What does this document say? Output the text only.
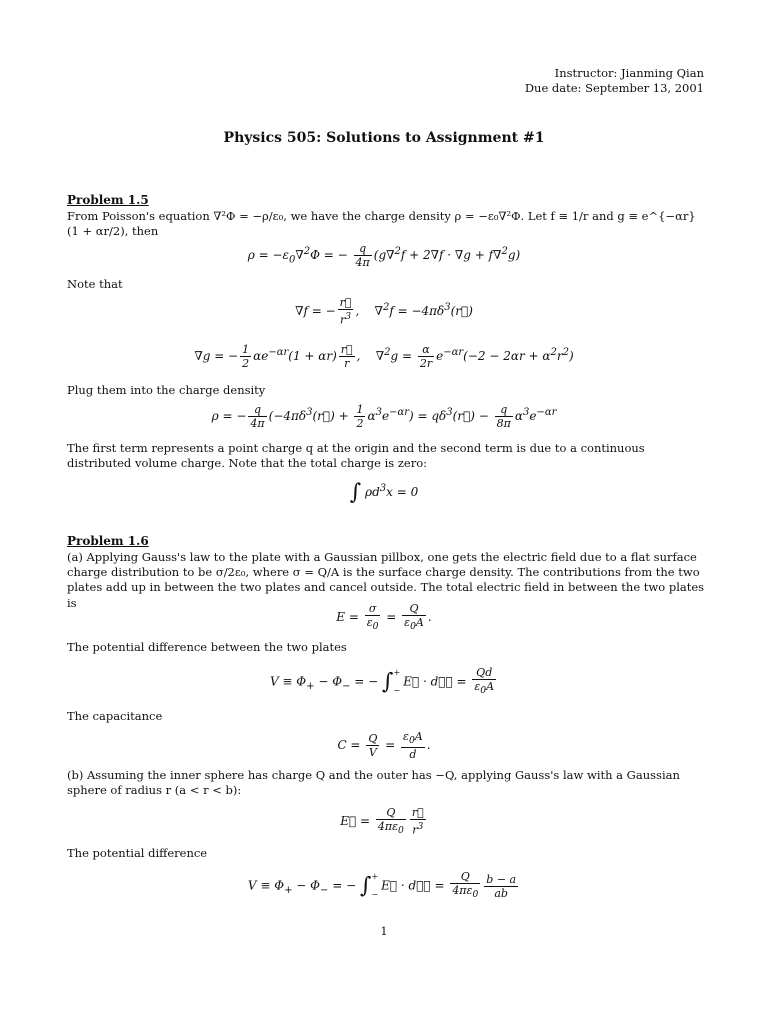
Instructor: Jianming Qian
Due date: September 13, 2001
Physics 505: Solutions to Assignment #1
Problem 1.5
From Poisson's equation ∇²Φ = −ρ/ε₀, we have the charge density ρ = −ε₀∇²Φ. Let f ≡ 1/r and g ≡ e^{−αr}(1 + αr/2), then
$\rho = -\varepsilon_0\nabla^2\Phi$ = − $\frac{q}{4\pi} (g\nabla^2f + 2\nabla f \cdot \nabla g + f\nabla^2g)$
Note that
∇f = − $\frac{r⃗}{r^3}$ ,    $\nabla^2f = -4\pi\delta^3(r⃗)$
∇g = − $\frac{1}{2} \alpha e^{-\alpha r}(1 + \alpha r) \frac{r⃗}{r}$ ,    $\nabla^2g = \frac{\alpha}{2r} e^{-\alpha r}(-2 - 2\alpha r + \alpha^2r^2)$
Plug them into the charge density
ρ = − $\frac{q}{4\pi}$ $(-4\pi\delta^3(r⃗) + \frac{1}{2} \alpha^3e^{-\alpha r})$ = $q\delta^3(r⃗) - \frac{q}{8\pi} \alpha^3e^{-\alpha r}$
The first term represents a point charge q at the origin and the second term is due to a continuous distributed volume charge. Note that the total charge is zero:
∫ $\rho d^3x = 0$
Problem 1.6
(a) Applying Gauss's law to the plate with a Gaussian pillbox, one gets the electric field due to a flat surface charge distribution to be σ/2ε₀, where σ = Q/A is the surface charge density. The contributions from the two plates add up in between the two plates and cancel outside. The total electric field in between the two plates is
$E = \frac{\sigma}{\varepsilon_0} = \frac{Q}{\varepsilon_0A}$ .
The potential difference between the two plates
$V \equiv \Phi_+ - \Phi_-$ = − ∫ +
−
E⃗ · dℓ⃗ = $\frac{Qd}{\varepsilon_0A}$
The capacitance
$C = \frac{Q}{V} = \frac{\varepsilon_0A}{d}$ .
(b) Assuming the inner sphere has charge Q and the outer has −Q, applying Gauss's law with a Gaussian sphere of radius r (a < r < b):
E⃗ = $\frac{Q}{4\pi\varepsilon_0} \frac{r⃗}{r^3}$
The potential difference
$V \equiv \Phi_+ - \Phi_-$ = − ∫ +
−
E⃗ · dℓ⃗ = $\frac{Q}{4\pi\varepsilon_0} \frac{b - a}{ab}$
1
